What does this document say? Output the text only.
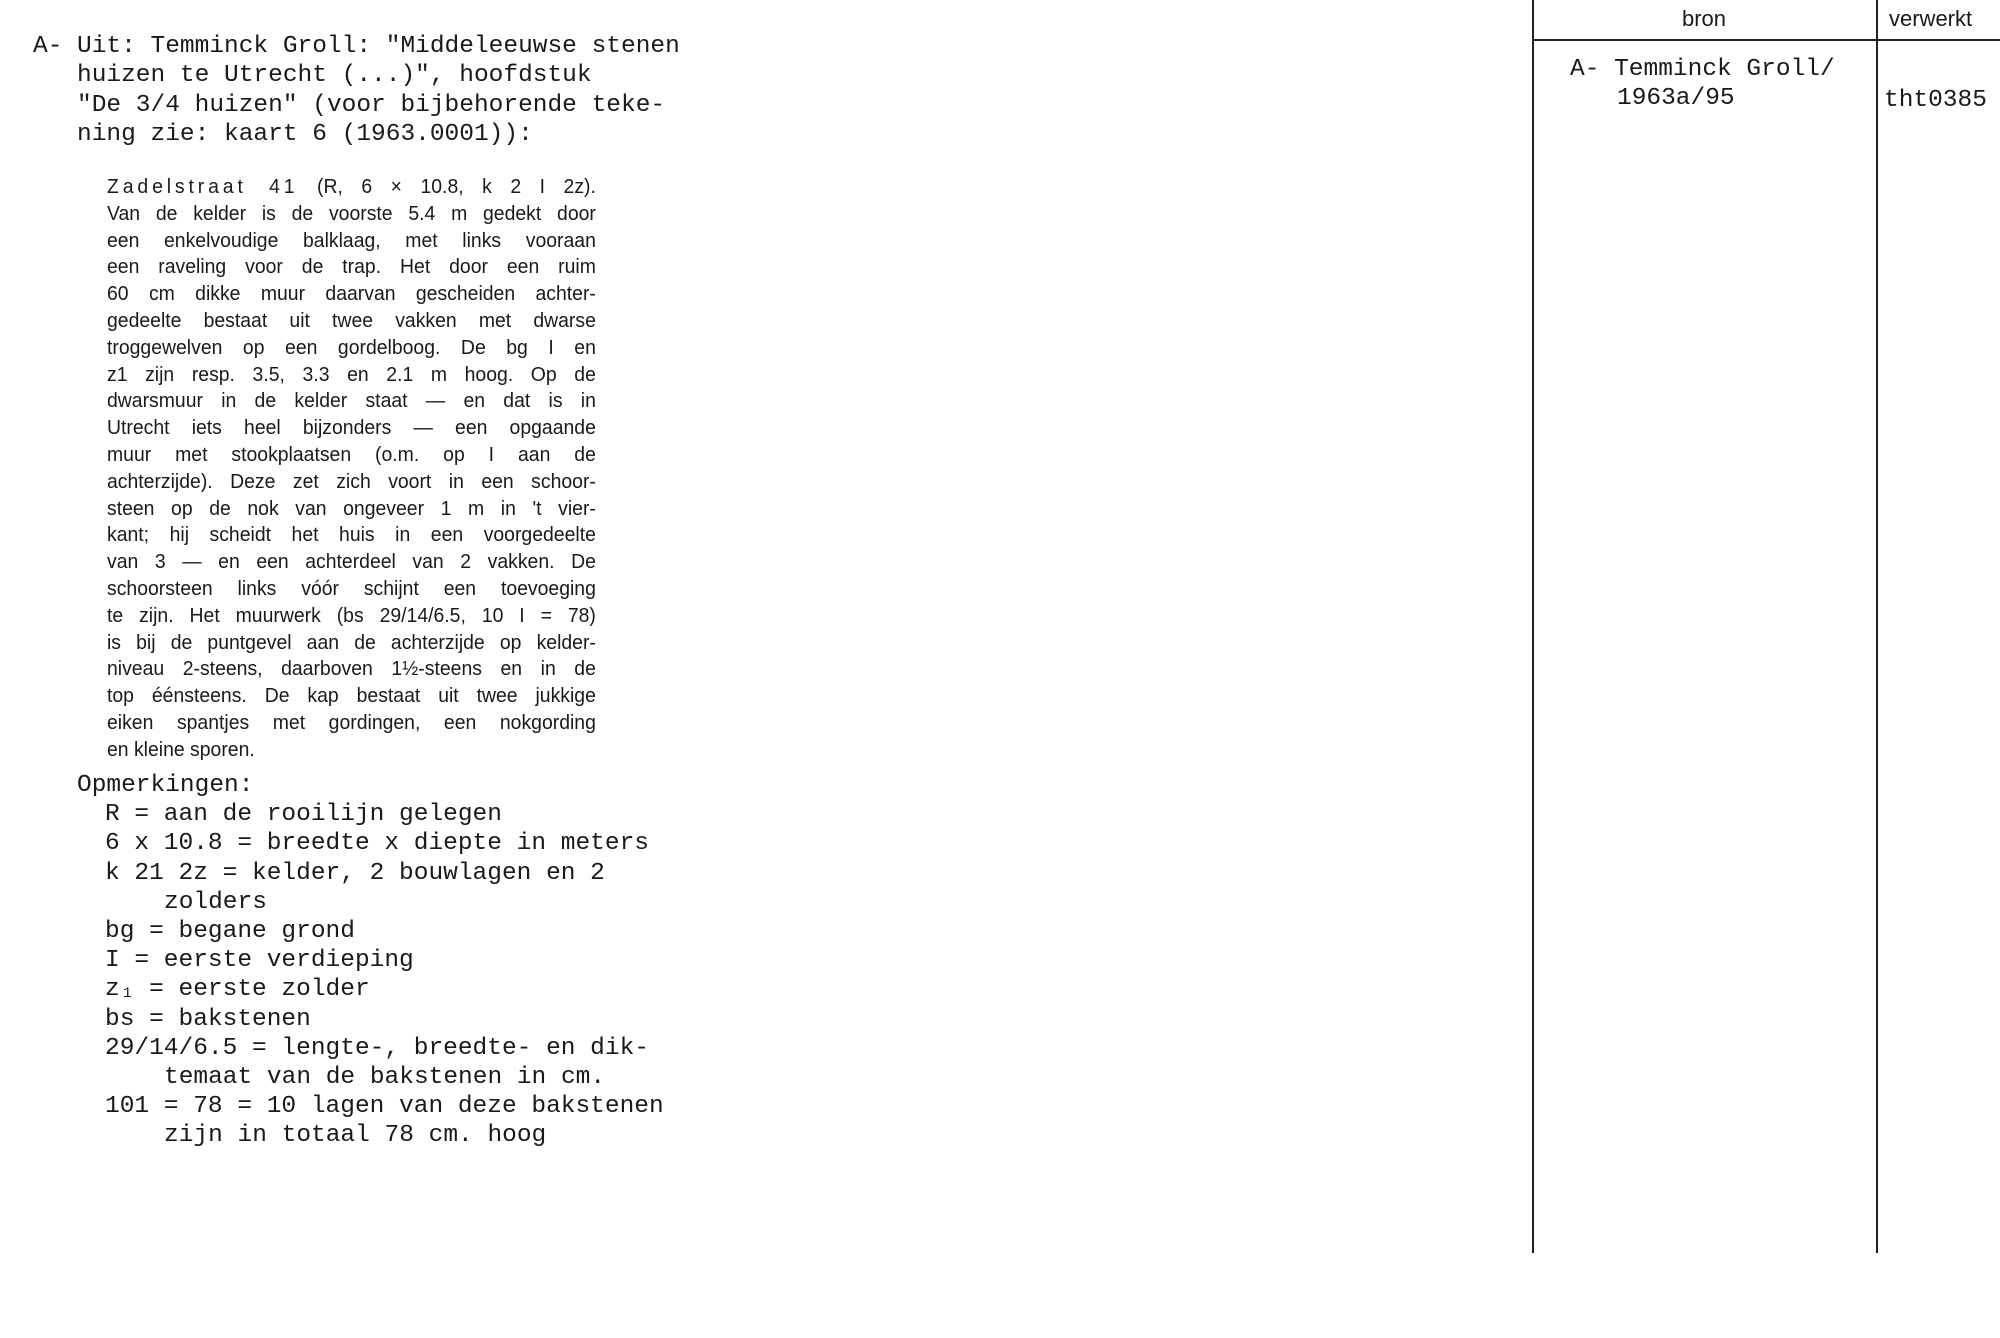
A- Uit: Temminck Groll: "Middeleeuwse stenen
huizen te Utrecht (...)", hoofdstuk
"De 3/4 huizen" (voor bijbehorende teke-
ning zie: kaart 6 (1963.0001)):
Zadelstraat 41 (R, 6 × 10.8, k 2 I 2z).
Van de kelder is de voorste 5.4 m gedekt door
een enkelvoudige balklaag, met links vooraan
een raveling voor de trap. Het door een ruim
60 cm dikke muur daarvan gescheiden achter-
gedeelte bestaat uit twee vakken met dwarse
troggewelven op een gordelboog. De bg I en
z1 zijn resp. 3.5, 3.3 en 2.1 m hoog. Op de
dwarsmuur in de kelder staat — en dat is in
Utrecht iets heel bijzonders — een opgaande
muur met stookplaatsen (o.m. op I aan de
achterzijde). Deze zet zich voort in een schoor-
steen op de nok van ongeveer 1 m in 't vier-
kant; hij scheidt het huis in een voorgedeelte
van 3 — en een achterdeel van 2 vakken. De
schoorsteen links vóór schijnt een toevoeging
te zijn. Het muurwerk (bs 29/14/6.5, 10 I = 78)
is bij de puntgevel aan de achterzijde op kelder-
niveau 2-steens, daarboven 1½-steens en in de
top éénsteens. De kap bestaat uit twee jukkige
eiken spantjes met gordingen, een nokgording
en kleine sporen.
Opmerkingen:
R = aan de rooilijn gelegen
6 x 10.8 = breedte x diepte in meters
k 21 2z = kelder, 2 bouwlagen en 2
zolders
bg = begane grond
I = eerste verdieping
z₁ = eerste zolder
bs = bakstenen
29/14/6.5 = lengte-, breedte- en dik-
temaat van de bakstenen in cm.
101 = 78 = 10 lagen van deze bakstenen
zijn in totaal 78 cm. hoog
bron	verwerkt
A- Temminck Groll/
1963a/95	tht0385
